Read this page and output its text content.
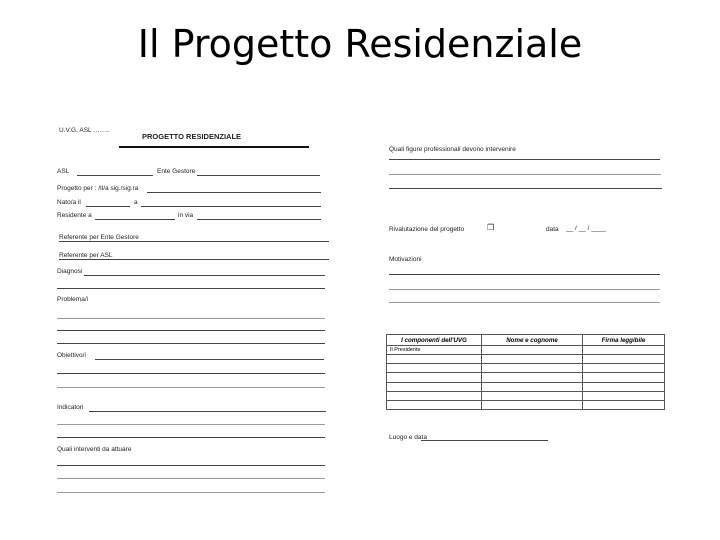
Il Progetto Residenziale
U.V.G. ASL ……..
PROGETTO RESIDENZIALE
ASL	Ente Gestore
Progetto per : /Il/a sig./sig.ra
Nato/a il	a
Residente a	in via
Referente per Ente Gestore
Referente per ASL
Diagnosi
Problema/i
Obiettivo/i
Indicatori
Quali interventi da attuare
Quali figure professionali devono intervenire
Rivalutazione del progetto	❒	data __ / __ / ____
Motivazioni
I componenti dell'UVG	Nome e cognome	Firma leggibile
Il Presidente		

Luogo e data
